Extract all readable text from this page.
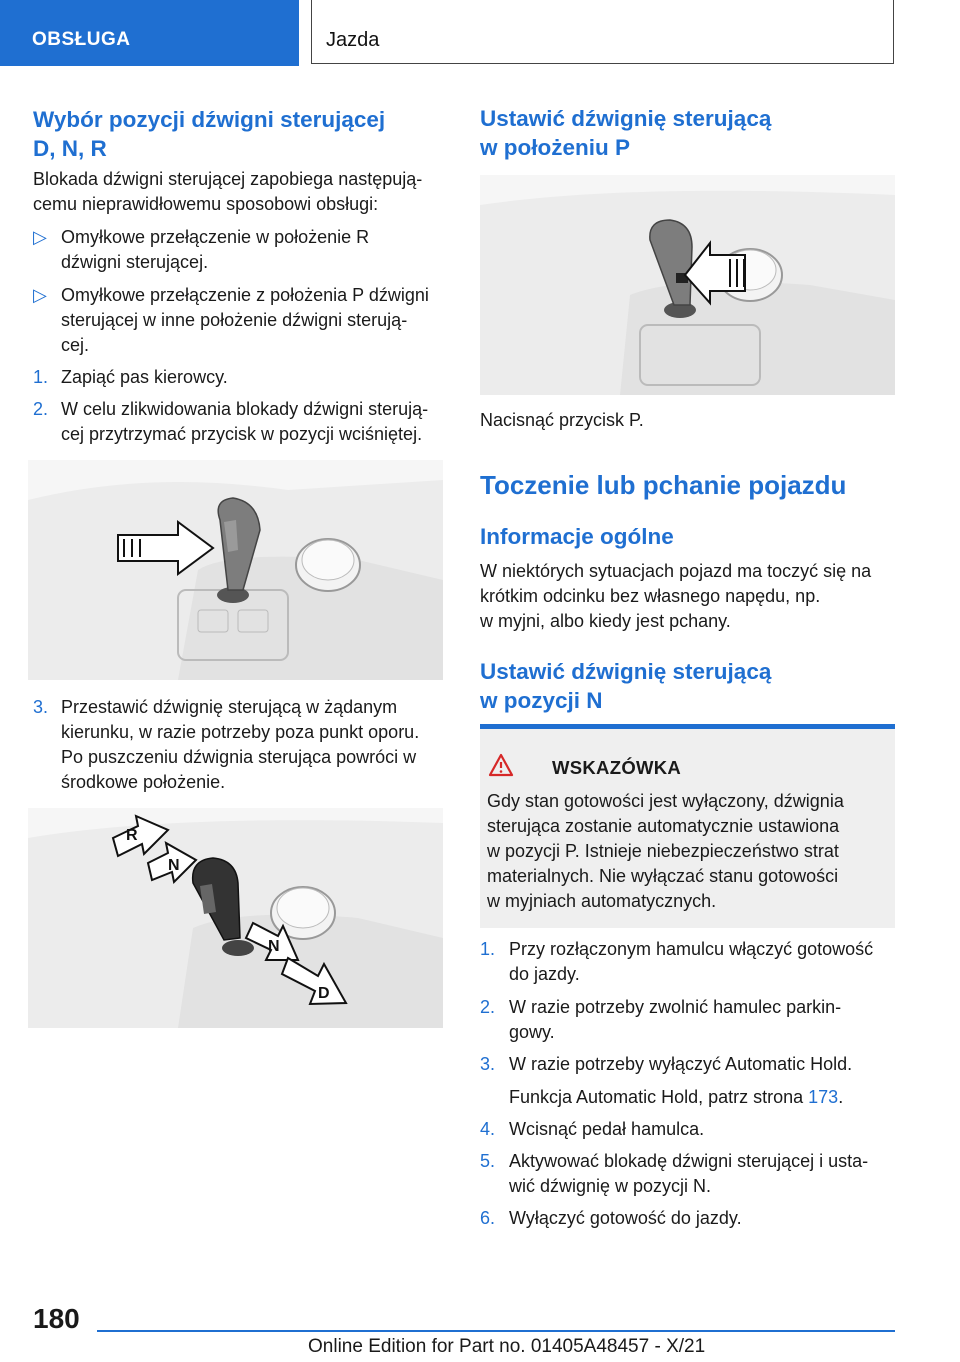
OBSŁUGA	Jazda
Wybór pozycji dźwigni sterującej
D, N, R
Blokada dźwigni sterującej zapobiega następują‐
cemu nieprawidłowemu sposobowi obsługi:
▷ Omyłkowe przełączenie w położenie R
dźwigni sterującej.
▷ Omyłkowe przełączenie z położenia P dźwigni
sterującej w inne położenie dźwigni sterują‐
cej.
1. Zapiąć pas kierowcy.
2. W celu zlikwidowania blokady dźwigni sterują‐
cej przytrzymać przycisk w pozycji wciśniętej.
3. Przestawić dźwignię sterującą w żądanym
kierunku, w razie potrzeby poza punkt oporu.
Po puszczeniu dźwignia sterująca powróci w
środkowe położenie.
R
N
N
D
Ustawić dźwignię sterującą
w położeniu P
Nacisnąć przycisk P.
Toczenie lub pchanie pojazdu
Informacje ogólne
W niektórych sytuacjach pojazd ma toczyć się na
krótkim odcinku bez własnego napędu, np.
w myjni, albo kiedy jest pchany.
Ustawić dźwignię sterującą
w pozycji N
WSKAZÓWKA
Gdy stan gotowości jest wyłączony, dźwignia
sterująca zostanie automatycznie ustawiona
w pozycji P. Istnieje niebezpieczeństwo strat
materialnych. Nie wyłączać stanu gotowości
w myjniach automatycznych.
1. Przy rozłączonym hamulcu włączyć gotowość
do jazdy.
2. W razie potrzeby zwolnić hamulec parkin‐
gowy.
3. W razie potrzeby wyłączyć Automatic Hold.
Funkcja Automatic Hold, patrz strona 173.
4. Wcisnąć pedał hamulca.
5. Aktywować blokadę dźwigni sterującej i usta‐
wić dźwignię w pozycji N.
6. Wyłączyć gotowość do jazdy.
180
Online Edition for Part no. 01405A48457 - X/21
